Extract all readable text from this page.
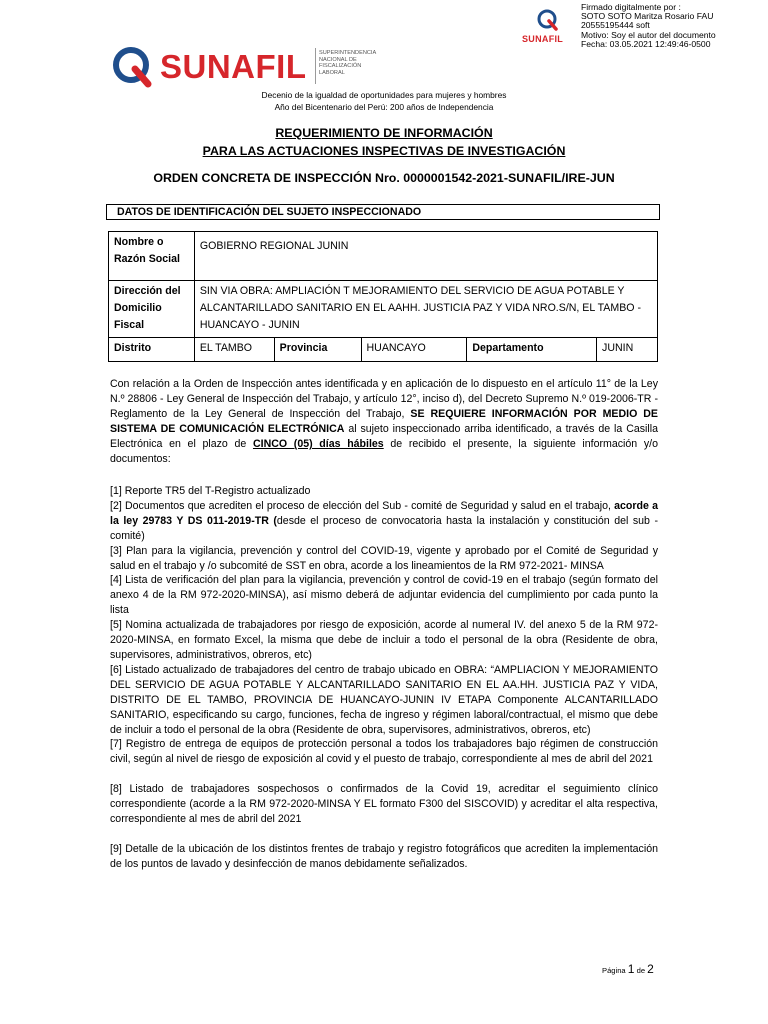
SUNAFIL
Firmado digitalmente por :
SOTO SOTO Maritza Rosario FAU
20555195444 soft
Motivo: Soy el autor del documento
Fecha: 03.05.2021 12:49:46-0500
SUNAFIL SUPERINTENDENCIA
NACIONAL DE
FISCALIZACIÓN
LABORAL
Decenio de la igualdad de oportunidades para mujeres y hombres
Año del Bicentenario del Perú: 200 años de Independencia
REQUERIMIENTO DE INFORMACIÓN
PARA LAS ACTUACIONES INSPECTIVAS DE INVESTIGACIÓN
ORDEN CONCRETA DE INSPECCIÓN Nro. 0000001542-2021-SUNAFIL/IRE-JUN
DATOS DE IDENTIFICACIÓN DEL SUJETO INSPECCIONADO
Nombre o Razón Social	GOBIERNO REGIONAL JUNIN				
Dirección del Domicilio Fiscal	SIN VIA OBRA: AMPLIACIÓN T MEJORAMIENTO DEL SERVICIO DE AGUA POTABLE Y ALCANTARILLADO SANITARIO EN EL AAHH. JUSTICIA PAZ Y VIDA NRO.S/N, EL TAMBO - HUANCAYO - JUNIN				
Distrito	EL TAMBO	Provincia	HUANCAYO	Departamento	JUNIN
Con relación a la Orden de Inspección antes identificada y en aplicación de lo dispuesto en el artículo 11° de la Ley N.º 28806 - Ley General de Inspección del Trabajo, y artículo 12°, inciso d), del Decreto Supremo N.º 019-2006-TR - Reglamento de la Ley General de Inspección del Trabajo, SE REQUIERE INFORMACIÓN POR MEDIO DE SISTEMA DE COMUNICACIÓN ELECTRÓNICA al sujeto inspeccionado arriba identificado, a través de la Casilla Electrónica en el plazo de CINCO (05) días hábiles de recibido el presente, la siguiente información y/o documentos:

[1] Reporte TR5 del T-Registro actualizado

[2] Documentos que acrediten el proceso de elección del Sub - comité de Seguridad y salud en el trabajo, acorde a la ley 29783 Y DS 011-2019-TR (desde el proceso de convocatoria hasta la instalación y constitución del sub - comité)

[3] Plan para la vigilancia, prevención y control del COVID-19, vigente y aprobado por el Comité de Seguridad y salud en el trabajo y /o subcomité de SST en obra, acorde a los lineamientos de la RM 972-2021- MINSA

[4] Lista de verificación del plan para la vigilancia, prevención y control de covid-19 en el trabajo (según formato del anexo 4 de la RM 972-2020-MINSA), así mismo deberá de adjuntar evidencia del cumplimiento por cada punto la lista

[5] Nomina actualizada de trabajadores por riesgo de exposición, acorde al numeral IV. del anexo 5 de la RM 972-2020-MINSA, en formato Excel, la misma que debe de incluir a todo el personal de la obra (Residente de obra, supervisores, administrativos, obreros, etc)

[6] Listado actualizado de trabajadores del centro de trabajo ubicado en OBRA: “AMPLIACION Y MEJORAMIENTO DEL SERVICIO DE AGUA POTABLE Y ALCANTARILLADO SANITARIO EN EL AA.HH. JUSTICIA PAZ Y VIDA, DISTRITO DE EL TAMBO, PROVINCIA DE HUANCAYO-JUNIN IV ETAPA Componente ALCANTARILLADO SANITARIO, especificando su cargo, funciones, fecha de ingreso y régimen laboral/contractual, el mismo que debe de incluir a todo el personal de la obra (Residente de obra, supervisores, administrativos, obreros, etc)

[7] Registro de entrega de equipos de protección personal a todos los trabajadores bajo régimen de construcción civil, según al nivel de riesgo de exposición al covid y el puesto de trabajo, correspondiente al mes de abril del 2021

[8] Listado de trabajadores sospechosos o confirmados de la Covid 19, acreditar el seguimiento clínico correspondiente (acorde a la RM 972-2020-MINSA Y EL formato F300 del SISCOVID) y acreditar el alta respectiva, correspondiente al mes de abril del 2021

[9] Detalle de la ubicación de los distintos frentes de trabajo y registro fotográficos que acrediten la implementación de los puntos de lavado y desinfección de manos debidamente señalizados.

Página 1 de 2
